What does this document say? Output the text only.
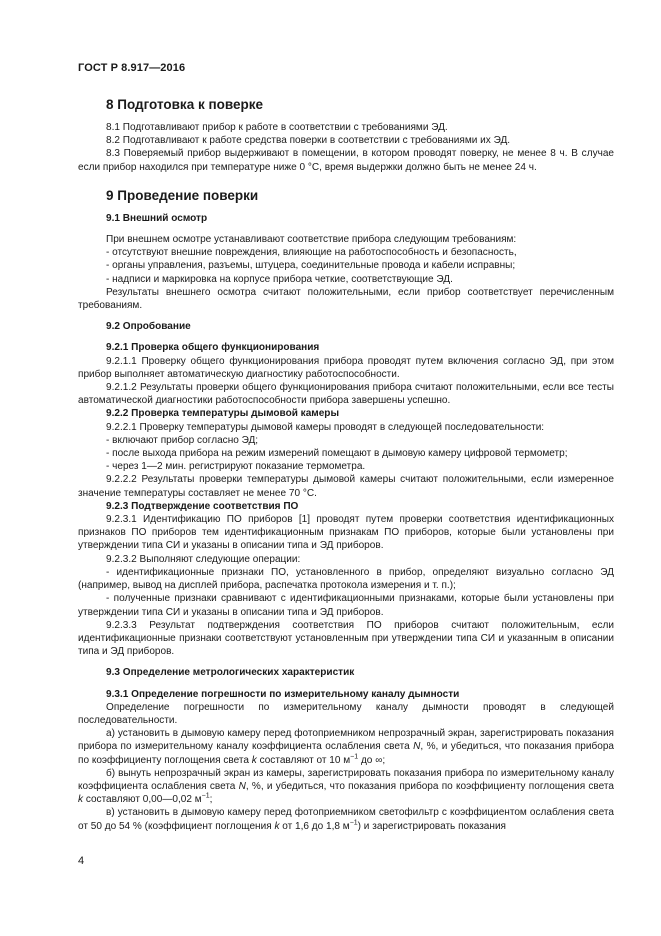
ГОСТ Р 8.917—2016
8 Подготовка к поверке

8.1 Подготавливают прибор к работе в соответствии с требованиями ЭД.

8.2 Подготавливают к работе средства поверки в соответствии с требованиями их ЭД.

8.3 Поверяемый прибор выдерживают в помещении, в котором проводят поверку, не менее 8 ч. В случае если прибор находился при температуре ниже 0 °С, время выдержки должно быть не менее 24 ч.

9 Проведение поверки
9.1 Внешний осмотр

При внешнем осмотре устанавливают соответствие прибора следующим требованиям:

- отсутствуют внешние повреждения, влияющие на работоспособность и безопасность,

- органы управления, разъемы, штуцера, соединительные провода и кабели исправны;

- надписи и маркировка на корпусе прибора четкие, соответствующие ЭД.

Результаты внешнего осмотра считают положительными, если прибор соответствует перечисленным требованиям.

9.2 Опробование
9.2.1 Проверка общего функционирования

9.2.1.1 Проверку общего функционирования прибора проводят путем включения согласно ЭД, при этом прибор выполняет автоматическую диагностику работоспособности.

9.2.1.2 Результаты проверки общего функционирования прибора считают положительными, если все тесты автоматической диагностики работоспособности прибора завершены успешно.

9.2.2 Проверка температуры дымовой камеры

9.2.2.1 Проверку температуры дымовой камеры проводят в следующей последовательности:

- включают прибор согласно ЭД;

- после выхода прибора на режим измерений помещают в дымовую камеру цифровой термометр;

- через 1—2 мин. регистрируют показание термометра.

9.2.2.2 Результаты проверки температуры дымовой камеры считают положительными, если измеренное значение температуры составляет не менее 70 °С.

9.2.3 Подтверждение соответствия ПО

9.2.3.1 Идентификацию ПО приборов [1] проводят путем проверки соответствия идентификационных признаков ПО приборов тем идентификационным признакам ПО приборов, которые были установлены при утверждении типа СИ и указаны в описании типа и ЭД приборов.

9.2.3.2 Выполняют следующие операции:

- идентификационные признаки ПО, установленного в прибор, определяют визуально согласно ЭД (например, вывод на дисплей прибора, распечатка протокола измерения и т. п.);

- полученные признаки сравнивают с идентификационными признаками, которые были установлены при утверждении типа СИ и указаны в описании типа и ЭД приборов.

9.2.3.3 Результат подтверждения соответствия ПО приборов считают положительным, если идентификационные признаки соответствуют установленным при утверждении типа СИ и указанным в описании типа и ЭД приборов.

9.3 Определение метрологических характеристик
9.3.1 Определение погрешности по измерительному каналу дымности

Определение погрешности по измерительному каналу дымности проводят в следующей последовательности.

а) установить в дымовую камеру перед фотоприемником непрозрачный экран, зарегистрировать показания прибора по измерительному каналу коэффициента ослабления света N, %, и убедиться, что показания прибора по коэффициенту поглощения света k составляют от 10 $м^{-1}$ до ∞;

б) вынуть непрозрачный экран из камеры, зарегистрировать показания прибора по измерительному каналу коэффициента ослабления света N, %, и убедиться, что показания прибора по коэффициенту поглощения света k составляют 0,00—0,02 $м^{-1}$;

в) установить в дымовую камеру перед фотоприемником светофильтр с коэффициентом ослабления света от 50 до 54 % (коэффициент поглощения k от 1,6 до 1,8 $м^{-1}$) и зарегистрировать показания

4
